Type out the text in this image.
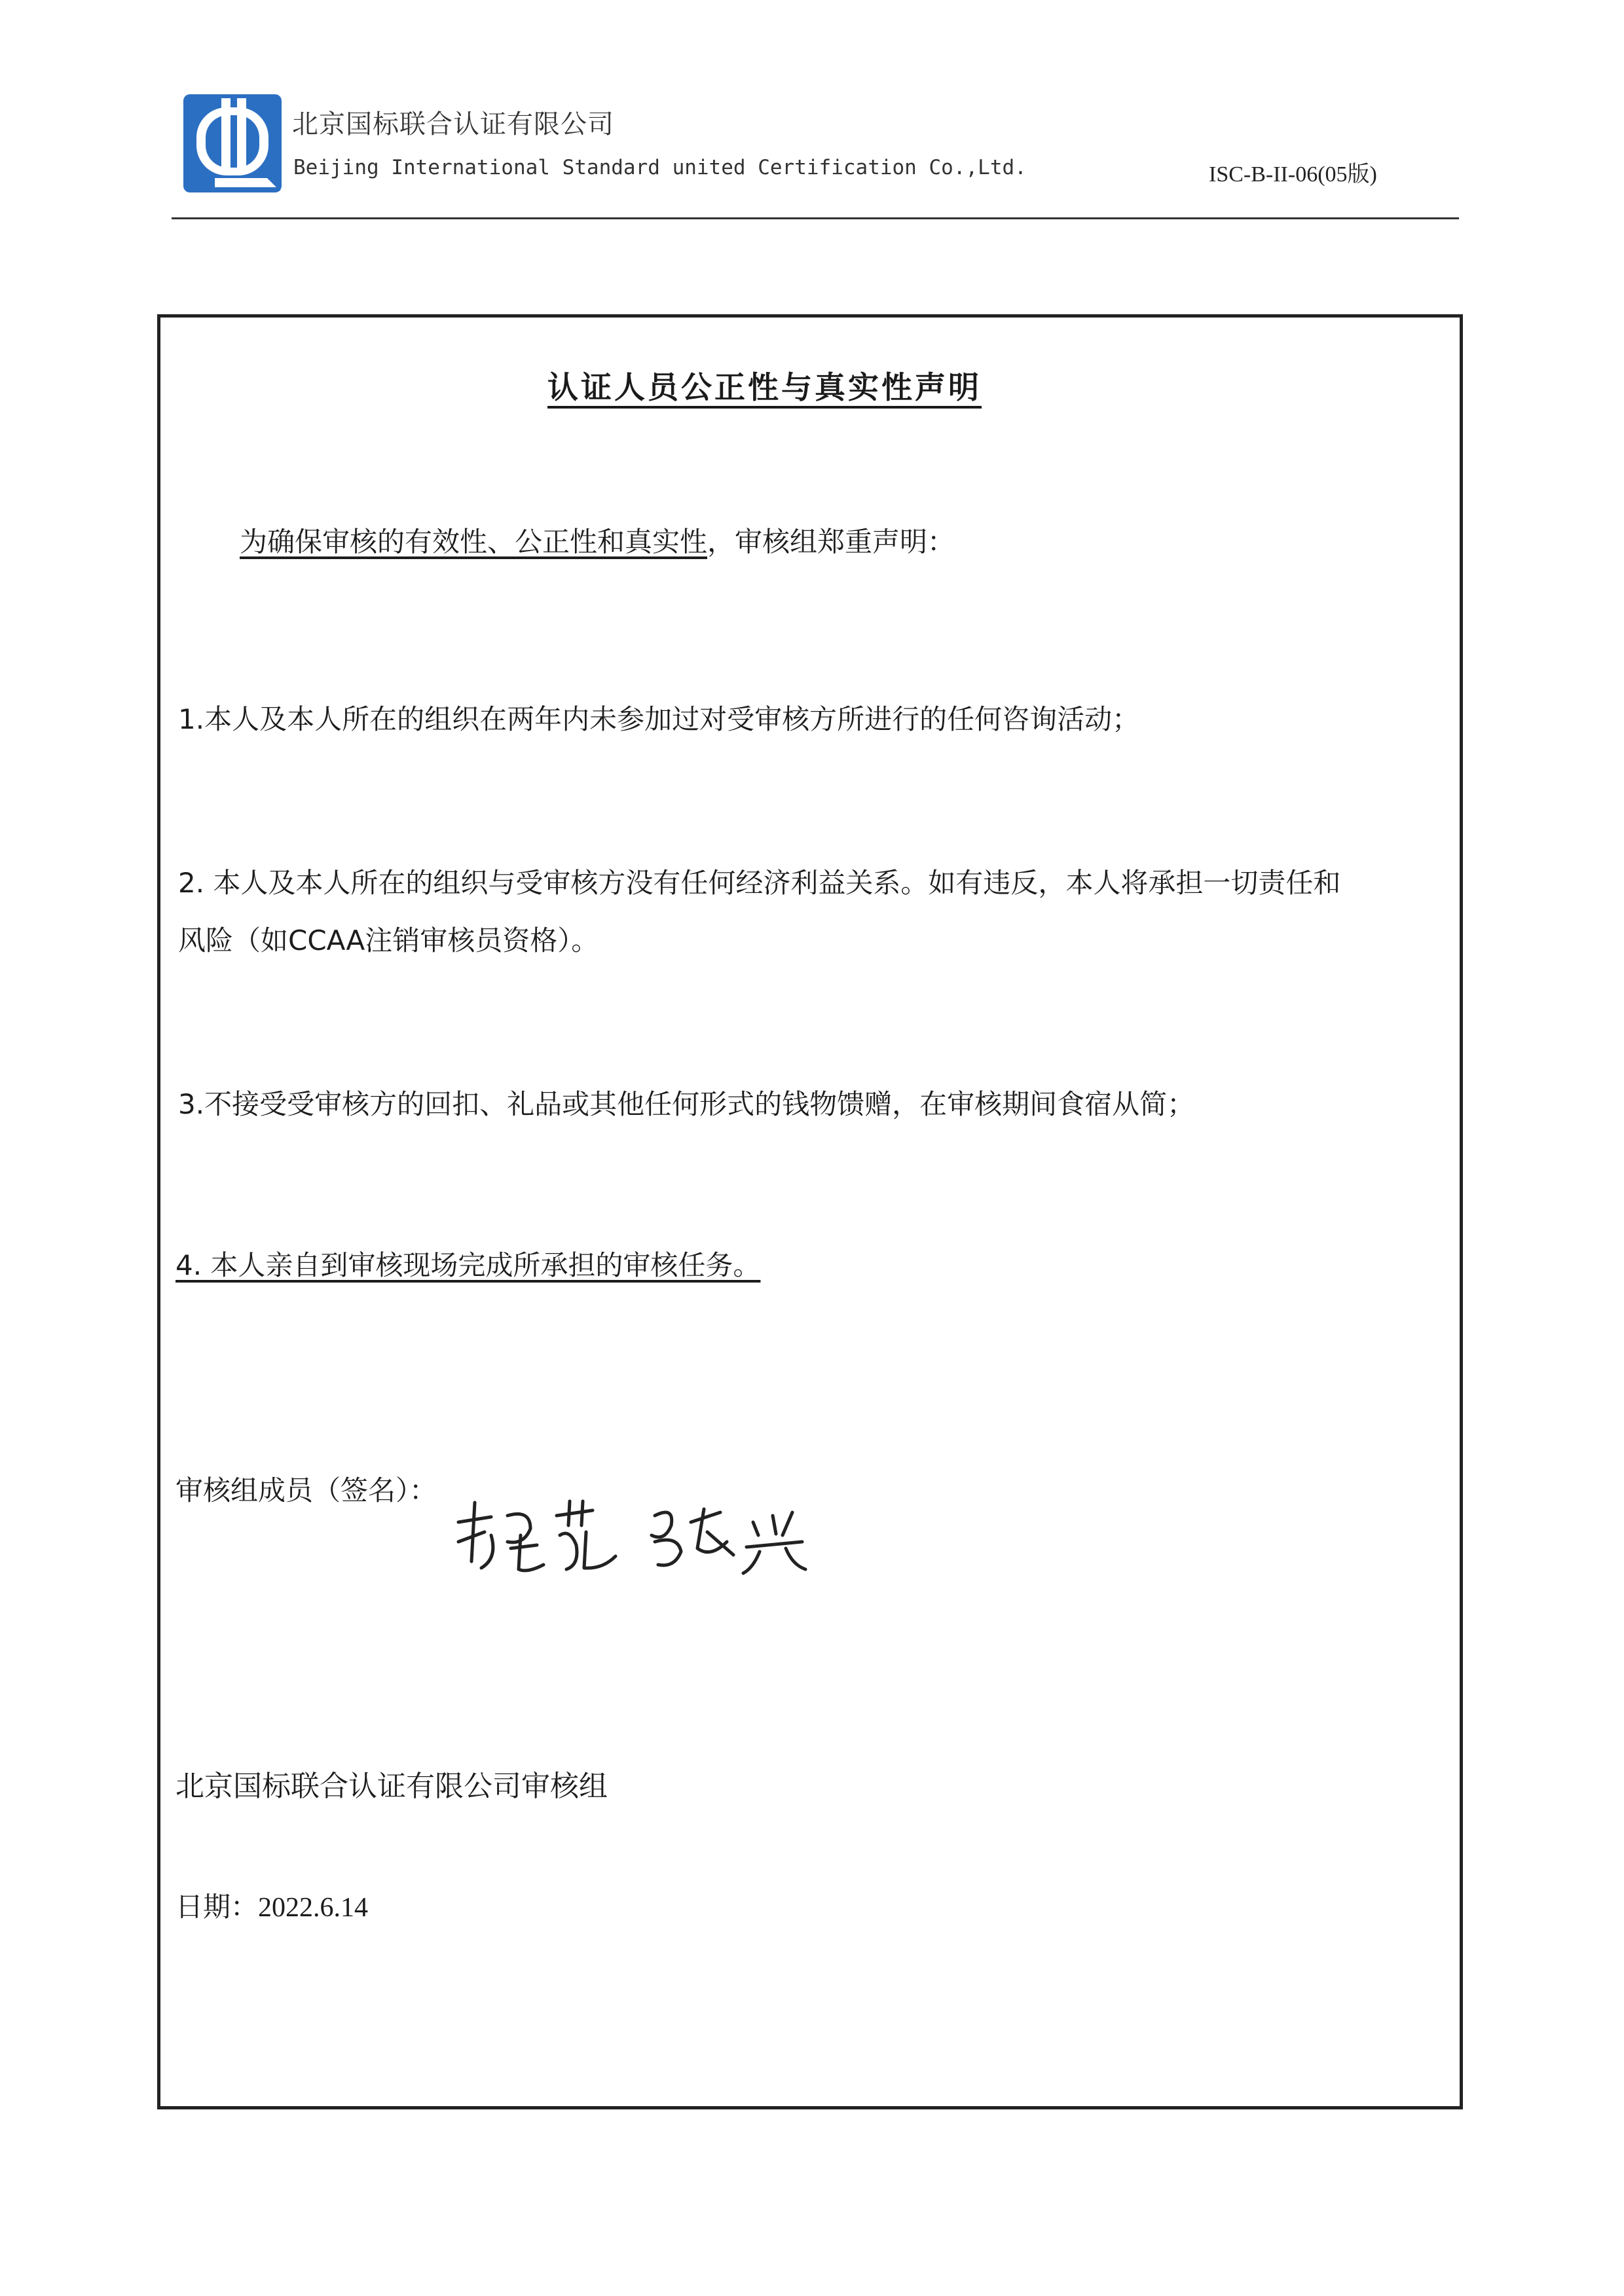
北京国标联合认证有限公司
Beijing International Standard united Certification Co.,Ltd.	ISC-B-II-06(05版)
认证人员公正性与真实性声明
为确保审核的有效性、公正性和真实性，审核组郑重声明：
1.本人及本人所在的组织在两年内未参加过对受审核方所进行的任何咨询活动；
2. 本人及本人所在的组织与受审核方没有任何经济利益关系。如有违反，本人将承担一切责任和
风险（如CCAA注销审核员资格）。
3.不接受受审核方的回扣、礼品或其他任何形式的钱物馈赠，在审核期间食宿从简；
4. 本人亲自到审核现场完成所承担的审核任务。
审核组成员（签名）：
北京国标联合认证有限公司审核组
日期：2022.6.14
